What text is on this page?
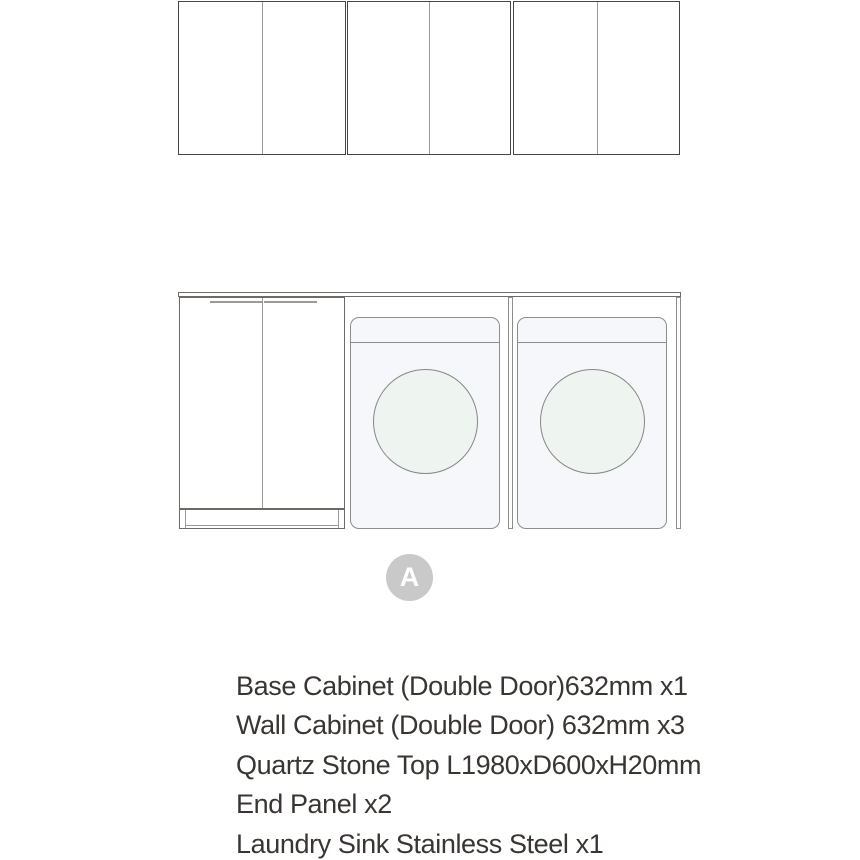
A
Base Cabinet (Double Door)632mm x1
Wall Cabinet (Double Door) 632mm x3
Quartz Stone Top L1980xD600xH20mm
End Panel x2
Laundry Sink Stainless Steel x1
